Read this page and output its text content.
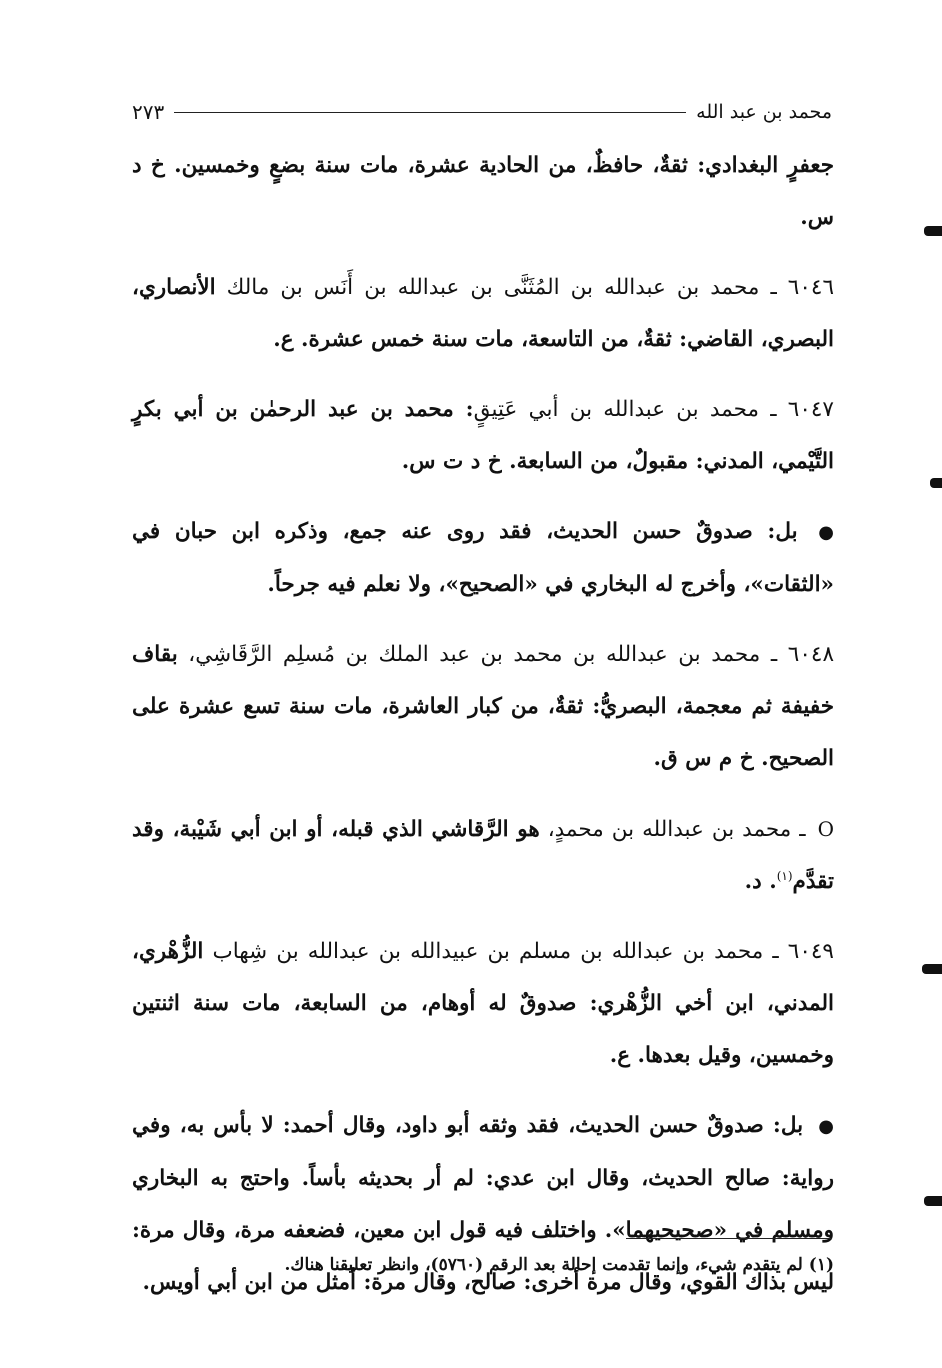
محمد بن عبد الله
٢٧٣

جعفرٍ البغدادي: ثقةٌ، حافظٌ، من الحادية عشرة، مات سنة بضعٍ وخمسين. خ د س.

٦٠٤٦ ـ محمد بن عبدالله بن المُثَنَّى بن عبدالله بن أَنَس بن مالك الأنصاري، البصري، القاضي: ثقةٌ، من التاسعة، مات سنة خمس عشرة. ع.

٦٠٤٧ ـ محمد بن عبدالله بن أبي عَتِيقٍ: محمد بن عبد الرحمٰن بن أبي بكرٍ التَّيْمي، المدني: مقبولٌ، من السابعة. خ د ت س.

● بل: صدوقٌ حسن الحديث، فقد روى عنه جمع، وذكره ابن حبان في «الثقات»، وأخرج له البخاري في «الصحيح»، ولا نعلم فيه جرحاً.

٦٠٤٨ ـ محمد بن عبدالله بن محمد بن عبد الملك بن مُسلِم الرَّقَاشِي، بقاف خفيفة ثم معجمة، البصريُّ: ثقةٌ، من كبار العاشرة، مات سنة تسع عشرة على الصحيح. خ م س ق.

O ـ محمد بن عبدالله بن محمدٍ، هو الرَّقاشي الذي قبله، أو ابن أبي شَيْبة، وقد تقدَّم$^{(١)}$. د.

٦٠٤٩ ـ محمد بن عبدالله بن مسلم بن عبيدالله بن عبدالله بن شِهاب الزُّهْري، المدني، ابن أخي الزُّهْري: صدوقٌ له أوهام، من السابعة، مات سنة اثنتين وخمسين، وقيل بعدها. ع.

● بل: صدوقٌ حسن الحديث، فقد وثقه أبو داود، وقال أحمد: لا بأس به، وفي رواية: صالح الحديث، وقال ابن عدي: لم أر بحديثه بأساً. واحتج به البخاري ومسلم في «صحيحيهما». واختلف فيه قول ابن معين، فضعفه مرة، وقال مرة: ليس بذاك القوي، وقال مرة أخرى: صالح، وقال مرة: أمثل من ابن أبي أويس.

(١) لم يتقدم شيء، وإنما تقدمت إحالة بعد الرقم (٥٧٦٠)، وانظر تعليقنا هناك.
